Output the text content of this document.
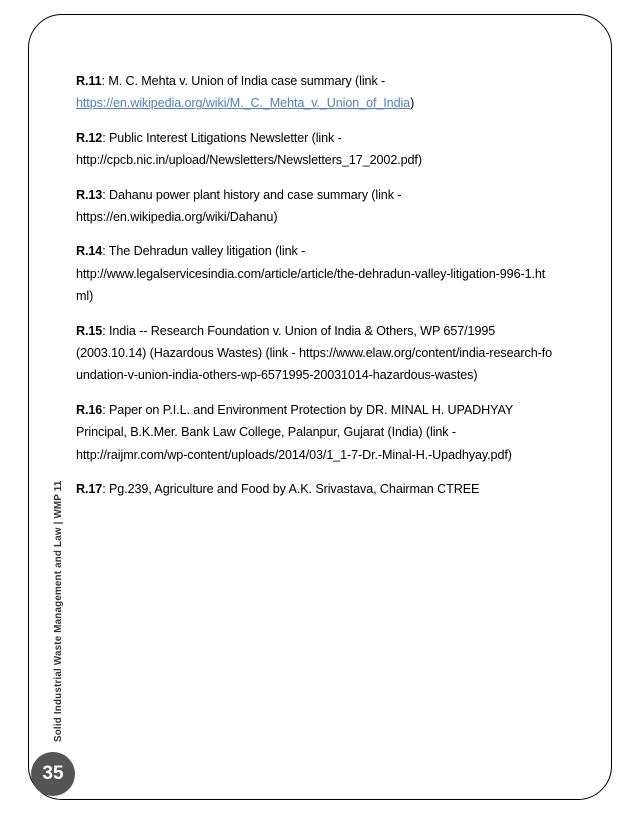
R.11: M. C. Mehta v. Union of India case summary (link -
https://en.wikipedia.org/wiki/M._C._Mehta_v._Union_of_India)

R.12: Public Interest Litigations Newsletter (link -
http://cpcb.nic.in/upload/Newsletters/Newsletters_17_2002.pdf)

R.13: Dahanu power plant history and case summary (link -
https://en.wikipedia.org/wiki/Dahanu)

R.14: The Dehradun valley litigation (link -
http://www.legalservicesindia.com/article/article/the-dehradun-valley-litigation-996-1.html)

R.15: India -- Research Foundation v. Union of India & Others, WP 657/1995 (2003.10.14) (Hazardous Wastes) (link - https://www.elaw.org/content/india-research-foundation-v-union-india-others-wp-6571995-20031014-hazardous-wastes)

R.16: Paper on P.I.L. and Environment Protection by DR. MINAL H. UPADHYAY Principal, B.K.Mer. Bank Law College, Palanpur, Gujarat (India) (link - http://raijmr.com/wp-content/uploads/2014/03/1_1-7-Dr.-Minal-H.-Upadhyay.pdf)

R.17: Pg.239, Agriculture and Food by A.K. Srivastava, Chairman CTREE

Solid Industrial Waste Management and Law | WMP 11
35
